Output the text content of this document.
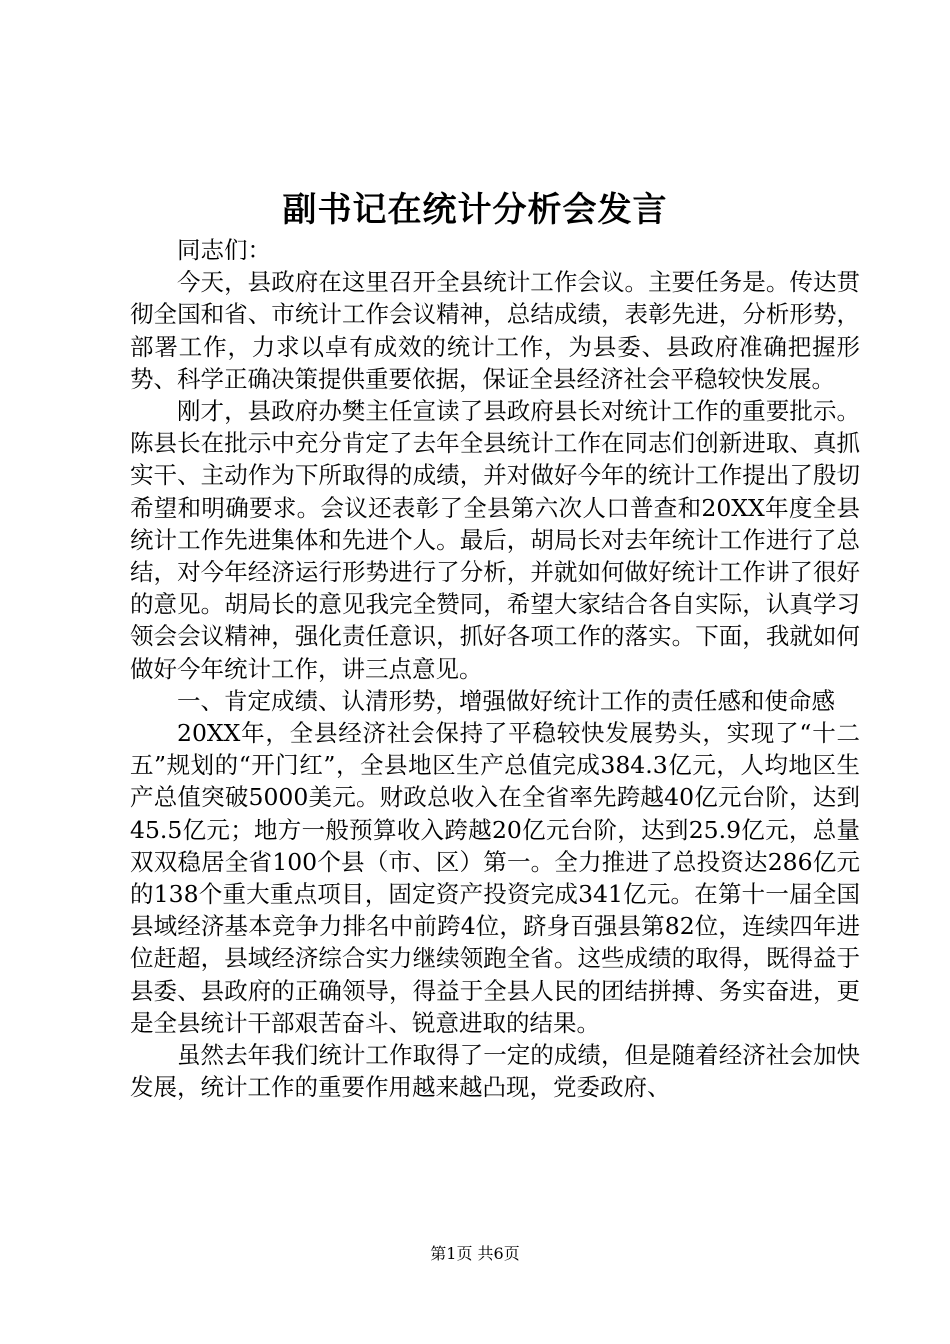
副书记在统计分析会发言

同志们：

今天，县政府在这里召开全县统计工作会议。主要任务是。传达贯彻全国和省、市统计工作会议精神，总结成绩，表彰先进，分析形势，部署工作，力求以卓有成效的统计工作，为县委、县政府准确把握形势、科学正确决策提供重要依据，保证全县经济社会平稳较快发展。

刚才，县政府办樊主任宣读了县政府县长对统计工作的重要批示。陈县长在批示中充分肯定了去年全县统计工作在同志们创新进取、真抓实干、主动作为下所取得的成绩，并对做好今年的统计工作提出了殷切希望和明确要求。会议还表彰了全县第六次人口普查和20XX年度全县统计工作先进集体和先进个人。最后，胡局长对去年统计工作进行了总结，对今年经济运行形势进行了分析，并就如何做好统计工作讲了很好的意见。胡局长的意见我完全赞同，希望大家结合各自实际，认真学习领会会议精神，强化责任意识，抓好各项工作的落实。下面，我就如何做好今年统计工作，讲三点意见。

一、肯定成绩、认清形势，增强做好统计工作的责任感和使命感

20XX年，全县经济社会保持了平稳较快发展势头，实现了“十二五”规划的“开门红”，全县地区生产总值完成384.3亿元，人均地区生产总值突破5000美元。财政总收入在全省率先跨越40亿元台阶，达到45.5亿元；地方一般预算收入跨越20亿元台阶，达到25.9亿元，总量双双稳居全省100个县（市、区）第一。全力推进了总投资达286亿元的138个重大重点项目，固定资产投资完成341亿元。在第十一届全国县域经济基本竞争力排名中前跨4位，跻身百强县第82位，连续四年进位赶超，县域经济综合实力继续领跑全省。这些成绩的取得，既得益于县委、县政府的正确领导，得益于全县人民的团结拼搏、务实奋进，更是全县统计干部艰苦奋斗、锐意进取的结果。

虽然去年我们统计工作取得了一定的成绩，但是随着经济社会加快发展，统计工作的重要作用越来越凸现，党委政府、

第1页 共6页
